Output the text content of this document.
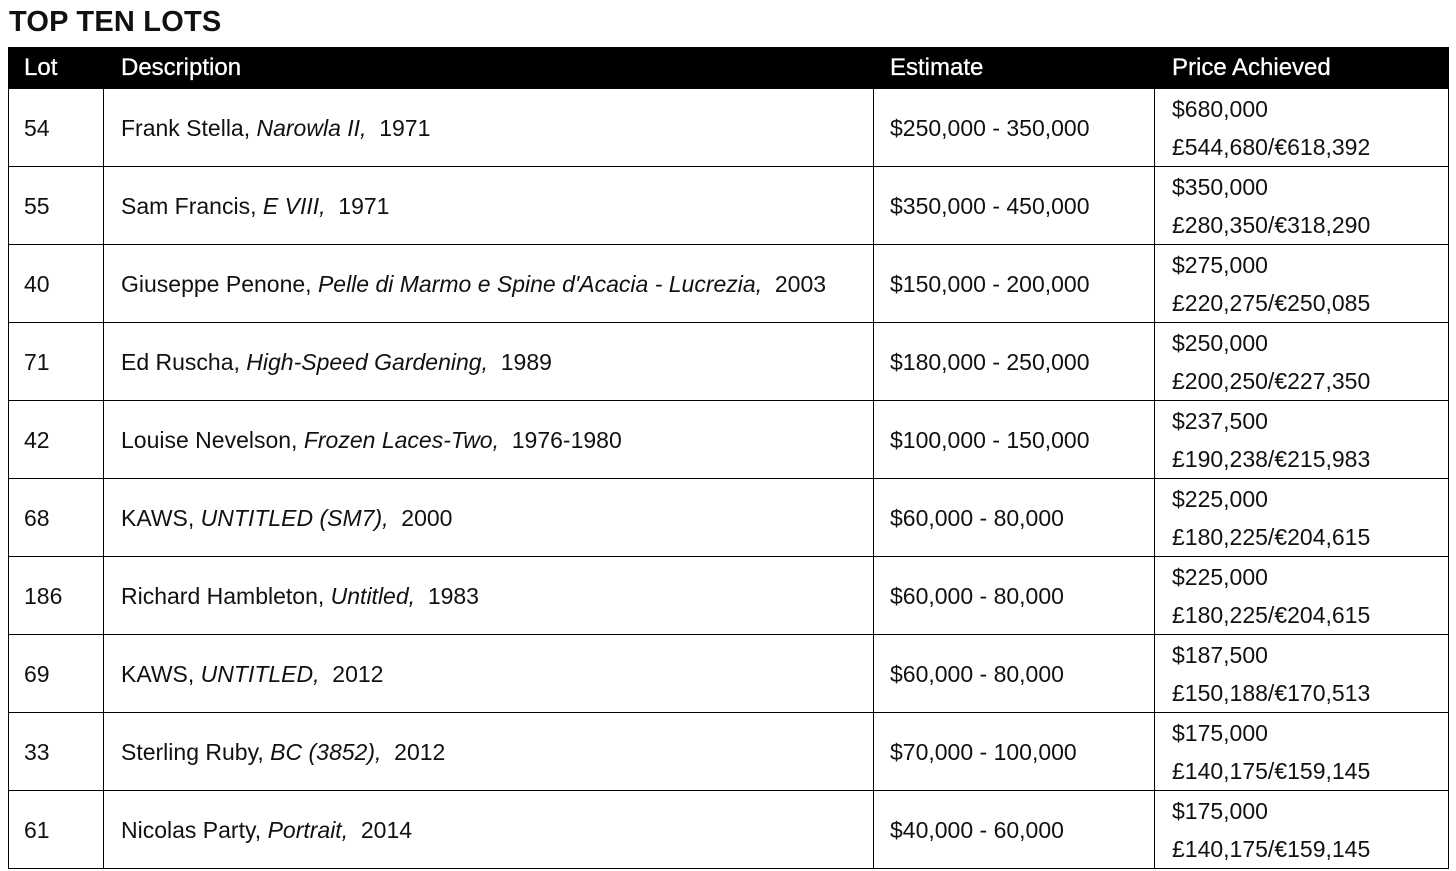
TOP TEN LOTS
Lot	Description	Estimate	Price Achieved
54	Frank Stella, Narowla II, 1971	$250,000 - 350,000	$680,000
£544,680/€618,392

55	Sam Francis, E VIII, 1971	$350,000 - 450,000	$350,000
£280,350/€318,290

40	Giuseppe Penone, Pelle di Marmo e Spine d'Acacia - Lucrezia, 2003	$150,000 - 200,000	$275,000
£220,275/€250,085

71	Ed Ruscha, High-Speed Gardening, 1989	$180,000 - 250,000	$250,000
£200,250/€227,350

42	Louise Nevelson, Frozen Laces-Two, 1976-1980	$100,000 - 150,000	$237,500
£190,238/€215,983

68	KAWS, UNTITLED (SM7), 2000	$60,000 - 80,000	$225,000
£180,225/€204,615

186	Richard Hambleton, Untitled, 1983	$60,000 - 80,000	$225,000
£180,225/€204,615

69	KAWS, UNTITLED, 2012	$60,000 - 80,000	$187,500
£150,188/€170,513

33	Sterling Ruby, BC (3852), 2012	$70,000 - 100,000	$175,000
£140,175/€159,145

61	Nicolas Party, Portrait, 2014	$40,000 - 60,000	$175,000
£140,175/€159,145
